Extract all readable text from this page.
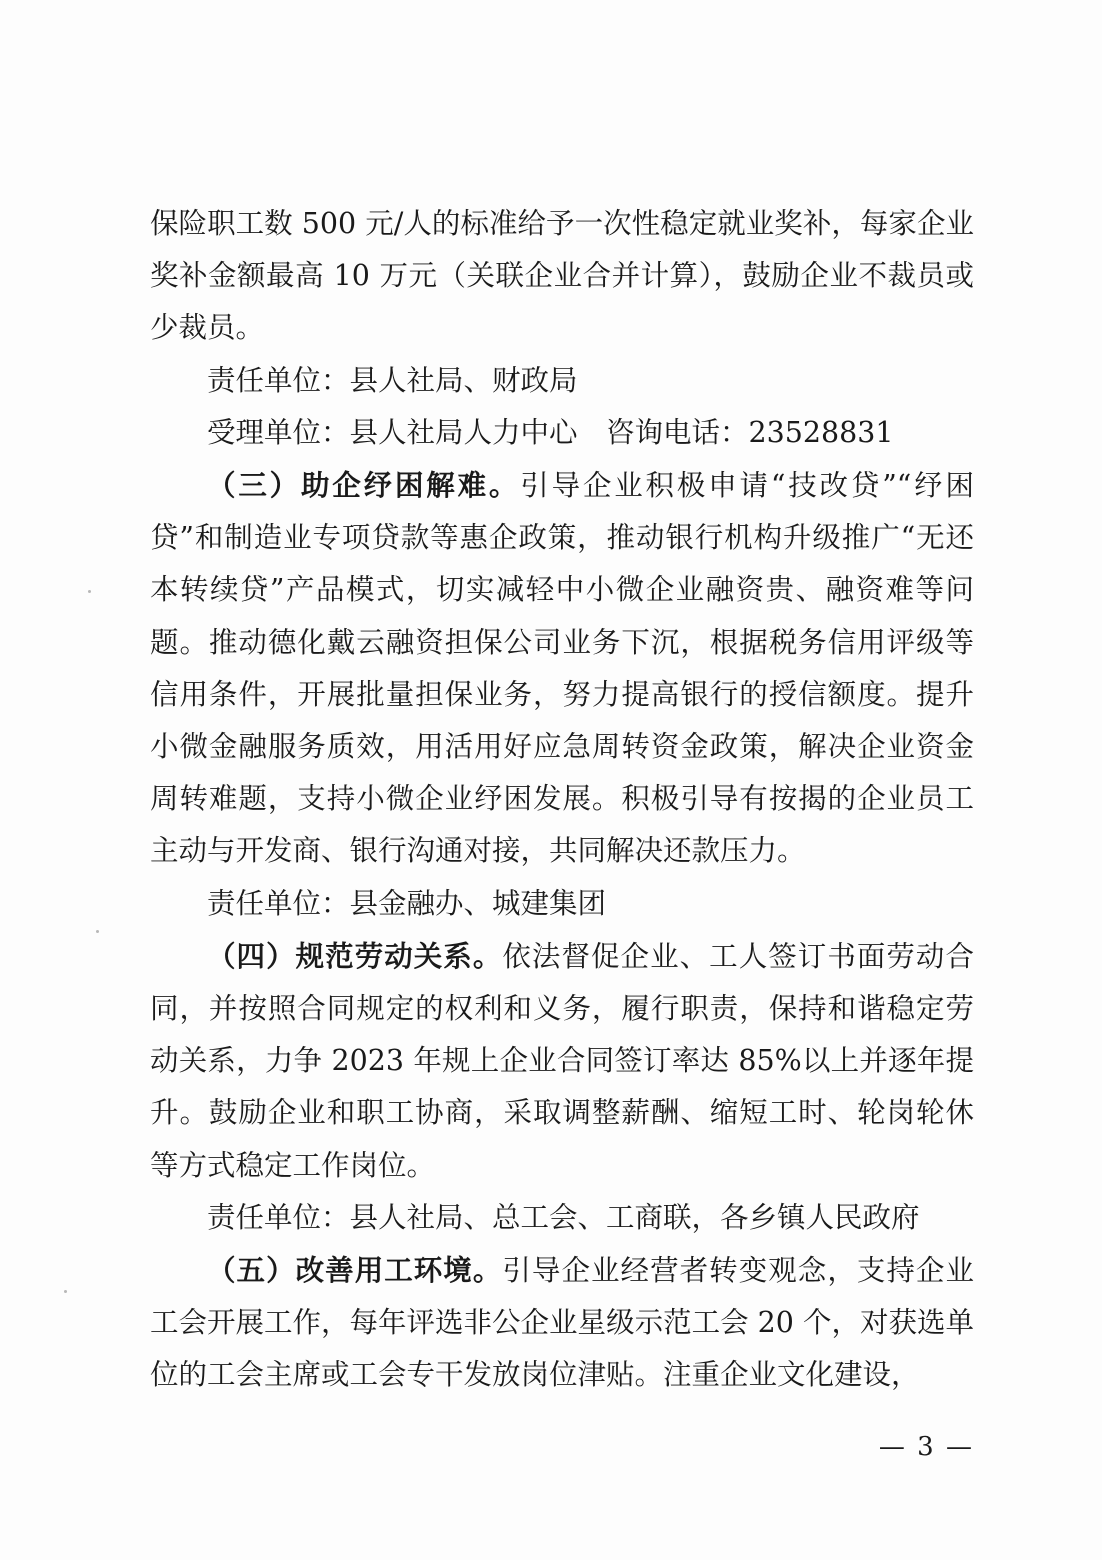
保险职工数 500 元/人的标准给予一次性稳定就业奖补，每家企业奖补金额最高 10 万元（关联企业合并计算），鼓励企业不裁员或少裁员。

责任单位：县人社局、财政局

受理单位：县人社局人力中心　咨询电话：23528831

（三）助企纾困解难。引导企业积极申请“技改贷”“纾困贷”和制造业专项贷款等惠企政策，推动银行机构升级推广“无还本转续贷”产品模式，切实减轻中小微企业融资贵、融资难等问题。推动德化戴云融资担保公司业务下沉，根据税务信用评级等信用条件，开展批量担保业务，努力提高银行的授信额度。提升小微金融服务质效，用活用好应急周转资金政策，解决企业资金周转难题，支持小微企业纾困发展。积极引导有按揭的企业员工主动与开发商、银行沟通对接，共同解决还款压力。

责任单位：县金融办、城建集团

（四）规范劳动关系。依法督促企业、工人签订书面劳动合同，并按照合同规定的权利和义务，履行职责，保持和谐稳定劳动关系，力争 2023 年规上企业合同签订率达 85%以上并逐年提升。鼓励企业和职工协商，采取调整薪酬、缩短工时、轮岗轮休等方式稳定工作岗位。

责任单位：县人社局、总工会、工商联，各乡镇人民政府

（五）改善用工环境。引导企业经营者转变观念，支持企业工会开展工作，每年评选非公企业星级示范工会 20 个，对获选单位的工会主席或工会专干发放岗位津贴。注重企业文化建设，

— 3 —
